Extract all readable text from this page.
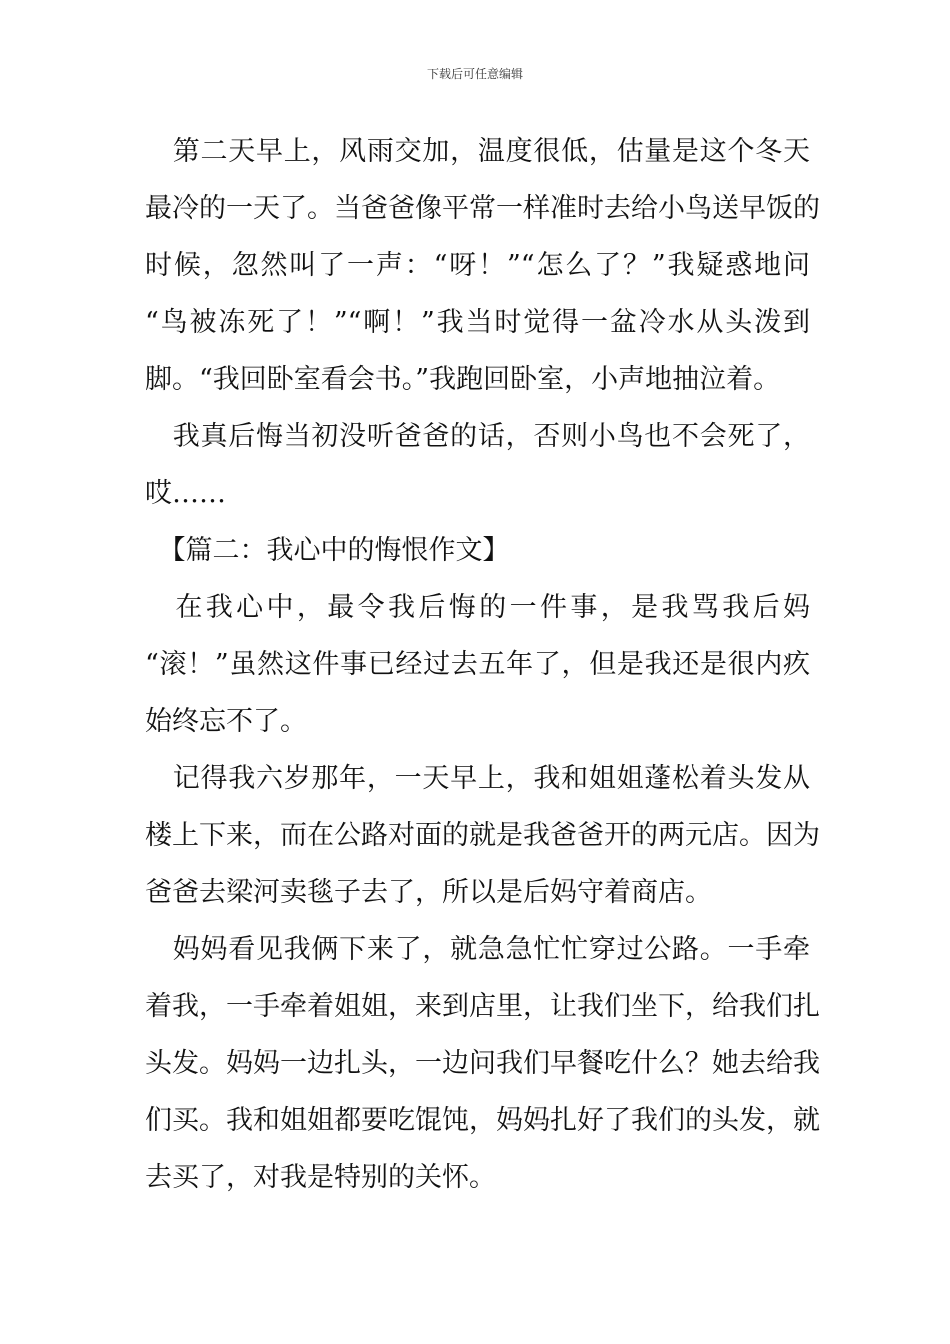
下载后可任意编辑
　第二天早上，风雨交加，温度很低，估量是这个冬天
最冷的一天了。当爸爸像平常一样准时去给小鸟送早饭的
时候，忽然叫了一声：“呀！”“怎么了？”我疑惑地问
“鸟被冻死了！”“啊！”我当时觉得一盆冷水从头泼到
脚。“我回卧室看会书。”我跑回卧室，小声地抽泣着。
　我真后悔当初没听爸爸的话，否则小鸟也不会死了，
哎……
　【篇二：我心中的悔恨作文】
　在我心中，最令我后悔的一件事，是我骂我后妈
“滚！”虽然这件事已经过去五年了，但是我还是很内疚
始终忘不了。
　记得我六岁那年，一天早上，我和姐姐蓬松着头发从
楼上下来，而在公路对面的就是我爸爸开的两元店。因为
爸爸去梁河卖毯子去了，所以是后妈守着商店。
　妈妈看见我俩下来了，就急急忙忙穿过公路。一手牵
着我，一手牵着姐姐，来到店里，让我们坐下，给我们扎
头发。妈妈一边扎头，一边问我们早餐吃什么？她去给我
们买。我和姐姐都要吃馄饨，妈妈扎好了我们的头发，就
去买了，对我是特别的关怀。
